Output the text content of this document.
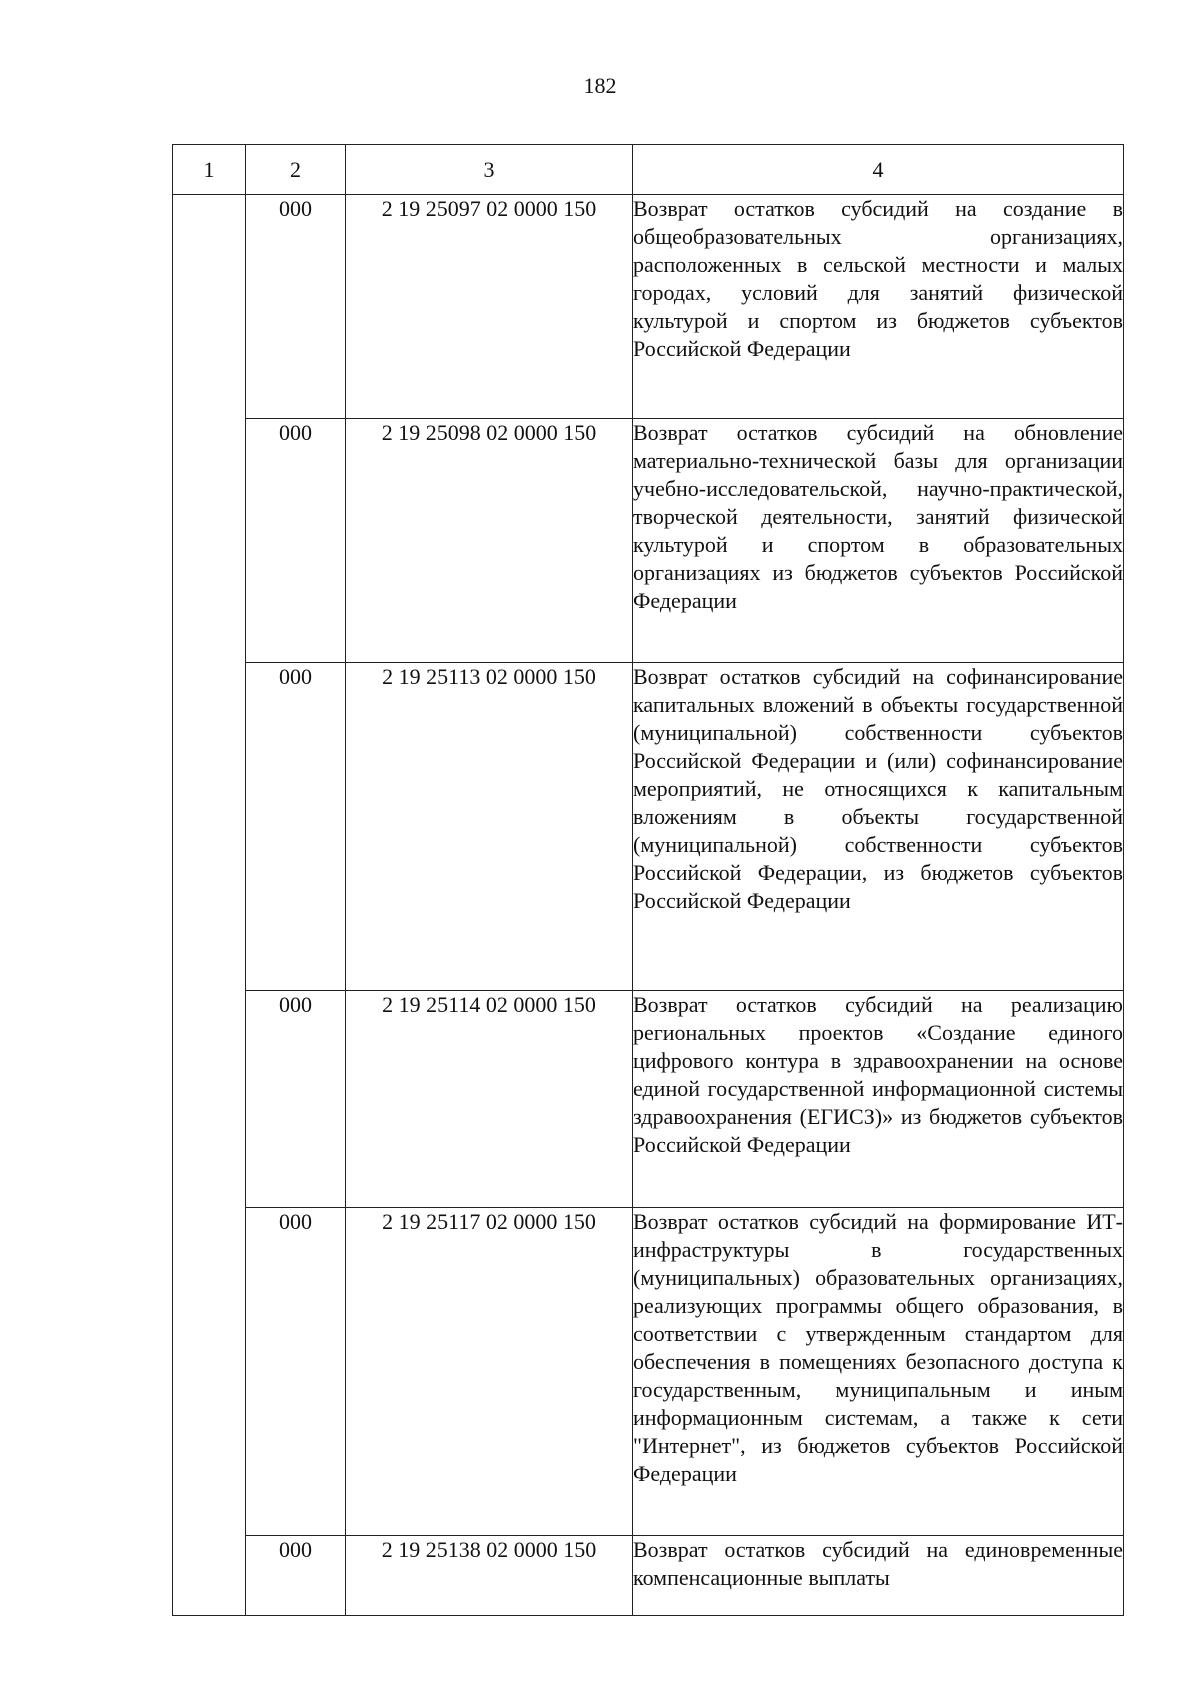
182
1	2	3	4
	000	2 19 25097 02 0000 150	Возврат остатков субсидий на создание в общеобразовательных организациях, расположенных в сельской местности и малых городах, условий для занятий физической культурой и спортом из бюджетов субъектов Российской Федерации

	000	2 19 25098 02 0000 150	Возврат остатков субсидий на обновление материально-технической базы для организации учебно-исследовательской, научно-практической, творческой деятельности, занятий физической культурой и спортом в образовательных организациях из бюджетов субъектов Российской Федерации

	000	2 19 25113 02 0000 150	Возврат остатков субсидий на софинансирование капитальных вложений в объекты государственной (муниципальной) собственности субъектов Российской Федерации и (или) софинансирование мероприятий, не относящихся к капитальным вложениям в объекты государственной (муниципальной) собственности субъектов Российской Федерации, из бюджетов субъектов Российской Федерации

	000	2 19 25114 02 0000 150	Возврат остатков субсидий на реализацию региональных проектов «Создание единого цифрового контура в здравоохранении на основе единой государственной информационной системы здравоохранения (ЕГИСЗ)» из бюджетов субъектов Российской Федерации

	000	2 19 25117 02 0000 150	Возврат остатков субсидий на формирование ИТ-инфраструктуры в государственных (муниципальных) образовательных организациях, реализующих программы общего образования, в соответствии с утвержденным стандартом для обеспечения в помещениях безопасного доступа к государственным, муниципальным и иным информационным системам, а также к сети "Интернет", из бюджетов субъектов Российской Федерации

	000	2 19 25138 02 0000 150	Возврат остатков субсидий на единовременные компенсационные выплаты
